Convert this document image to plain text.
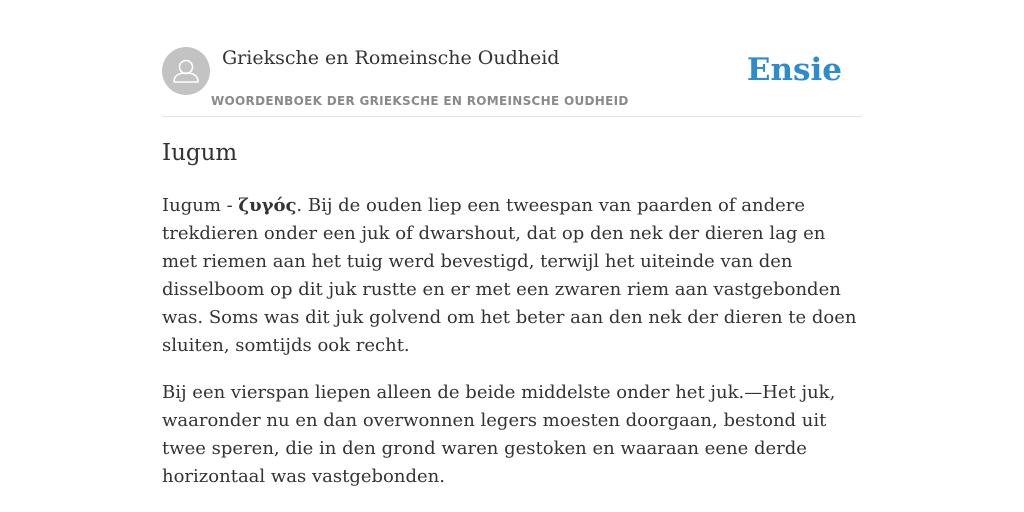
Grieksche en Romeinsche Oudheid
WOORDENBOEK DER GRIEKSCHE EN ROMEINSCHE OUDHEID
Ensie
Iugum

Iugum - ζυγός. Bij de ouden liep een tweespan van paarden of andere trekdieren onder een juk of dwarshout, dat op den nek der dieren lag en met riemen aan het tuig werd bevestigd, terwijl het uiteinde van den disselboom op dit juk rustte en er met een zwaren riem aan vastgebonden was. Soms was dit juk golvend om het beter aan den nek der dieren te doen sluiten, somtijds ook recht.

Bij een vierspan liepen alleen de beide middelste onder het juk.—Het juk, waaronder nu en dan overwonnen legers moesten doorgaan, bestond uit twee speren, die in den grond waren gestoken en waaraan eene derde horizontaal was vastgebonden.
